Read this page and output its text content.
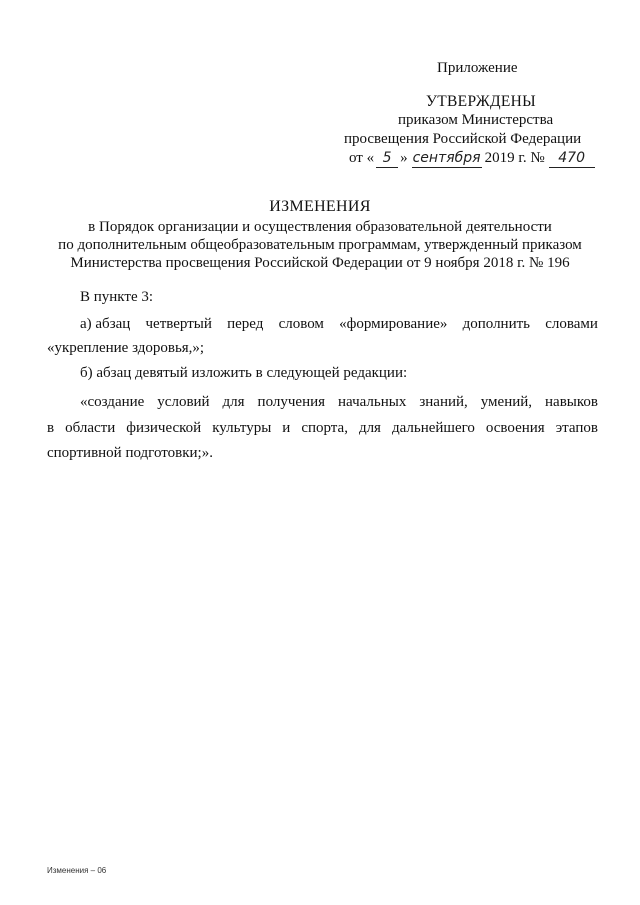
Приложение
УТВЕРЖДЕНЫ
приказом Министерства
просвещения Российской Федерации
от « 5 » сентября 2019 г. № 470
ИЗМЕНЕНИЯ
в Порядок организации и осуществления образовательной деятельности
по дополнительным общеобразовательным программам, утвержденный приказом
Министерства просвещения Российской Федерации от 9 ноября 2018 г. № 196
В пункте 3:
а) абзац четвертый перед словом «формирование» дополнить словами
«укрепление здоровья,»;
б) абзац девятый изложить в следующей редакции:
«создание условий для получения начальных знаний, умений, навыков
в области физической культуры и спорта, для дальнейшего освоения этапов
спортивной подготовки;».
Изменения – 06
